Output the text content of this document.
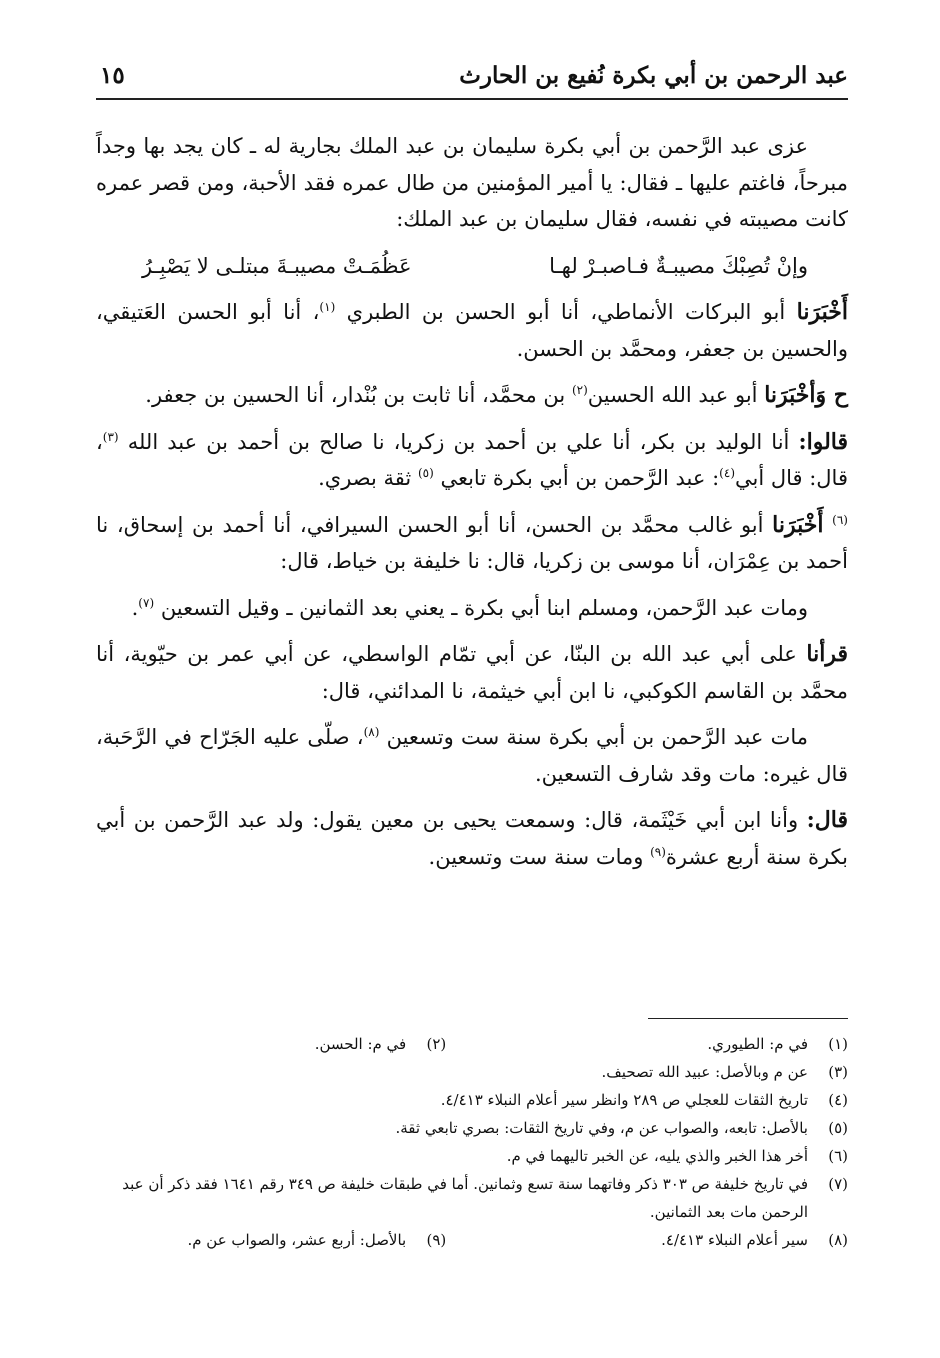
عبد الرحمن بن أبي بكرة نُفيع بن الحارث
١٥

عزى عبد الرَّحمن بن أبي بكرة سليمان بن عبد الملك بجارية له ـ كان يجد بها وجداً مبرحاً، فاغتم عليها ـ فقال: يا أمير المؤمنين من طال عمره فقد الأحبة، ومن قصر عمره كانت مصيبته في نفسه، فقال سليمان بن عبد الملك:

وإنْ تُصِبْكَ مصيبـةٌ فـاصبـرْ لهـا
عَظُمَـتْ مصيبـةَ مبتلـى لا يَصْبِـرُ

أَخْبَرَنا أبو البركات الأنماطي، أنا أبو الحسن بن الطبري $^{(١)}$، أنا أبو الحسن العَتيقي، والحسين بن جعفر، ومحمَّد بن الحسن.

ح وَأخْبَرَنا أبو عبد الله الحسين$^{(٢)}$ بن محمَّد، أنا ثابت بن بُنْدار، أنا الحسين بن جعفر.

قالوا: أنا الوليد بن بكر، أنا علي بن أحمد بن زكريا، نا صالح بن أحمد بن عبد الله $^{(٣)}$، قال: قال أبي$^{(٤)}$: عبد الرَّحمن بن أبي بكرة تابعي $^{(٥)}$ ثقة بصري.

$^{(٦)}$ أَخْبَرَنا أبو غالب محمَّد بن الحسن، أنا أبو الحسن السيرافي، أنا أحمد بن إسحاق، نا أحمد بن عِمْرَان، أنا موسى بن زكريا، قال: نا خليفة بن خياط، قال:

ومات عبد الرَّحمن، ومسلم ابنا أبي بكرة ـ يعني بعد الثمانين ـ وقيل التسعين $^{(٧)}$.

قرأنا على أبي عبد الله بن البنّا، عن أبي تمّام الواسطي، عن أبي عمر بن حيّوية، أنا محمَّد بن القاسم الكوكبي، نا ابن أبي خيثمة، نا المدائني، قال:

مات عبد الرَّحمن بن أبي بكرة سنة ست وتسعين $^{(٨)}$، صلّى عليه الجَرّاح في الرَّحَبة، قال غيره: مات وقد شارف التسعين.

قال: وأنا ابن أبي خَيْثَمة، قال: وسمعت يحيى بن معين يقول: ولد عبد الرَّحمن بن أبي بكرة سنة أربع عشرة$^{(٩)}$ ومات سنة ست وتسعين.

(١)
في م: الطيوري.
(٢)
في م: الحسن.
(٣)
عن م وبالأصل: عبيد الله تصحيف.
(٤)
تاريخ الثقات للعجلي ص ٢٨٩ وانظر سير أعلام النبلاء ٤/٤١٣.
(٥)
بالأصل: تابعه، والصواب عن م، وفي تاريخ الثقات: بصري تابعي ثقة.
(٦)
أخر هذا الخبر والذي يليه، عن الخبر تاليهما في م.
(٧)
في تاريخ خليفة ص ٣٠٣ ذكر وفاتهما سنة تسع وثمانين. أما في طبقات خليفة ص ٣٤٩ رقم ١٦٤١ فقد ذكر أن عبد الرحمن مات بعد الثمانين.
(٨)
سير أعلام النبلاء ٤/٤١٣.
(٩)
بالأصل: أربع عشر، والصواب عن م.
